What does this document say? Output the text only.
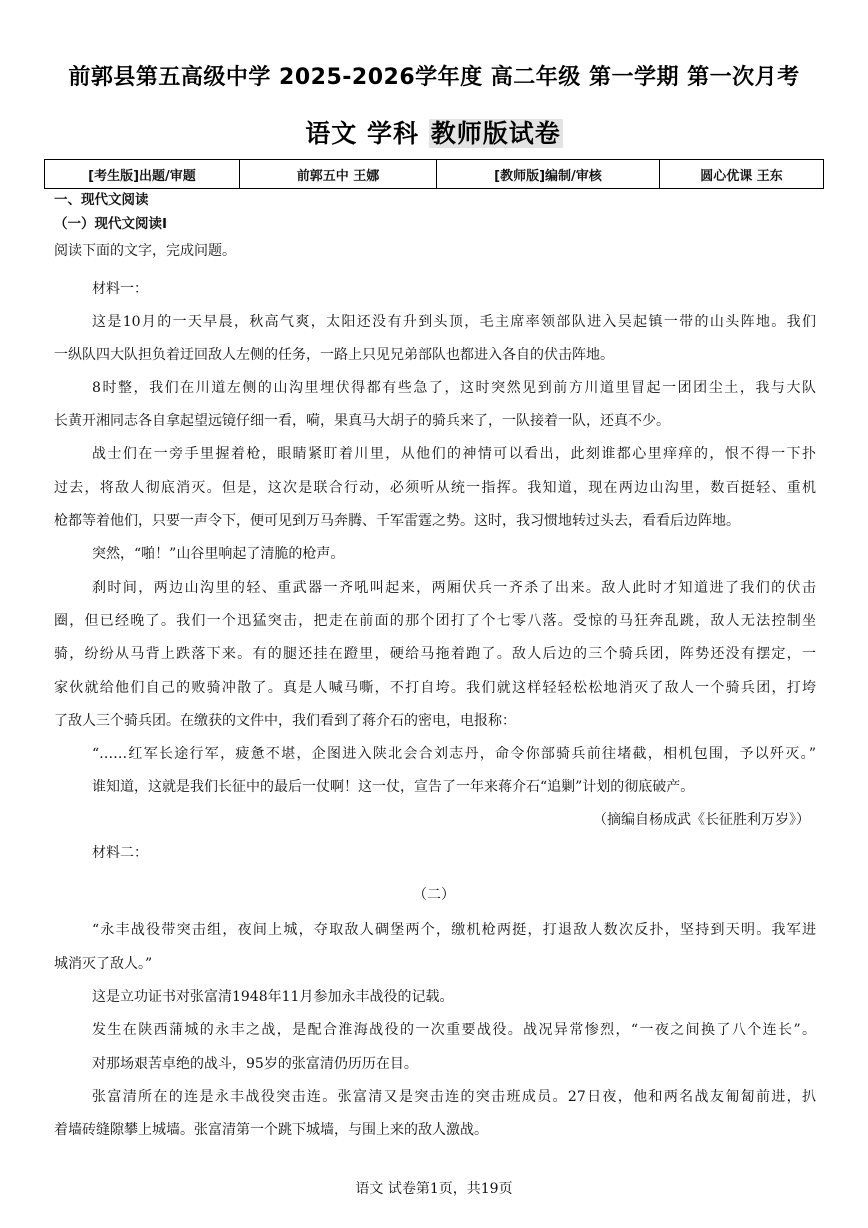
前郭县第五高级中学 2025-2026学年度 高二年级 第一学期 第一次月考
语文 学科 教师版试卷
[考生版]出题/审题	前郭五中 王娜	[教师版]编制/审核	圆心优课 王东
一、现代文阅读
（一）现代文阅读Ⅰ
阅读下面的文字，完成问题。
材料一：
这是10月的一天早晨，秋高气爽，太阳还没有升到头顶，毛主席率领部队进入吴起镇一带的山头阵地。我们
一纵队四大队担负着迂回敌人左侧的任务，一路上只见兄弟部队也都进入各自的伏击阵地。
8时整，我们在川道左侧的山沟里埋伏得都有些急了，这时突然见到前方川道里冒起一团团尘土，我与大队
长黄开湘同志各自拿起望远镜仔细一看，嗬，果真马大胡子的骑兵来了，一队接着一队，还真不少。
战士们在一旁手里握着枪，眼睛紧盯着川里，从他们的神情可以看出，此刻谁都心里痒痒的，恨不得一下扑
过去，将敌人彻底消灭。但是，这次是联合行动，必须听从统一指挥。我知道，现在两边山沟里，数百挺轻、重机
枪都等着他们，只要一声令下，便可见到万马奔腾、千军雷霆之势。这时，我习惯地转过头去，看看后边阵地。
突然，“啪！”山谷里响起了清脆的枪声。
刹时间，两边山沟里的轻、重武器一齐吼叫起来，两厢伏兵一齐杀了出来。敌人此时才知道进了我们的伏击
圈，但已经晚了。我们一个迅猛突击，把走在前面的那个团打了个七零八落。受惊的马狂奔乱跳，敌人无法控制坐
骑，纷纷从马背上跌落下来。有的腿还挂在蹬里，硬给马拖着跑了。敌人后边的三个骑兵团，阵势还没有摆定，一
家伙就给他们自己的败骑冲散了。真是人喊马嘶，不打自垮。我们就这样轻轻松松地消灭了敌人一个骑兵团，打垮
了敌人三个骑兵团。在缴获的文件中，我们看到了蒋介石的密电，电报称：
“……红军长途行军，疲惫不堪，企图进入陕北会合刘志丹，命令你部骑兵前往堵截，相机包围，予以歼灭。”
谁知道，这就是我们长征中的最后一仗啊！这一仗，宣告了一年来蒋介石“追剿”计划的彻底破产。
（摘编自杨成武《长征胜利万岁》）
材料二：
（二）
“永丰战役带突击组，夜间上城，夺取敌人碉堡两个，缴机枪两挺，打退敌人数次反扑，坚持到天明。我军进
城消灭了敌人。”
这是立功证书对张富清1948年11月参加永丰战役的记载。
发生在陕西蒲城的永丰之战，是配合淮海战役的一次重要战役。战况异常惨烈，“一夜之间换了八个连长”。
对那场艰苦卓绝的战斗，95岁的张富清仍历历在目。
张富清所在的连是永丰战役突击连。张富清又是突击连的突击班成员。27日夜，他和两名战友匍匐前进，扒
着墙砖缝隙攀上城墙。张富清第一个跳下城墙，与围上来的敌人激战。
语文 试卷第1页，共19页
